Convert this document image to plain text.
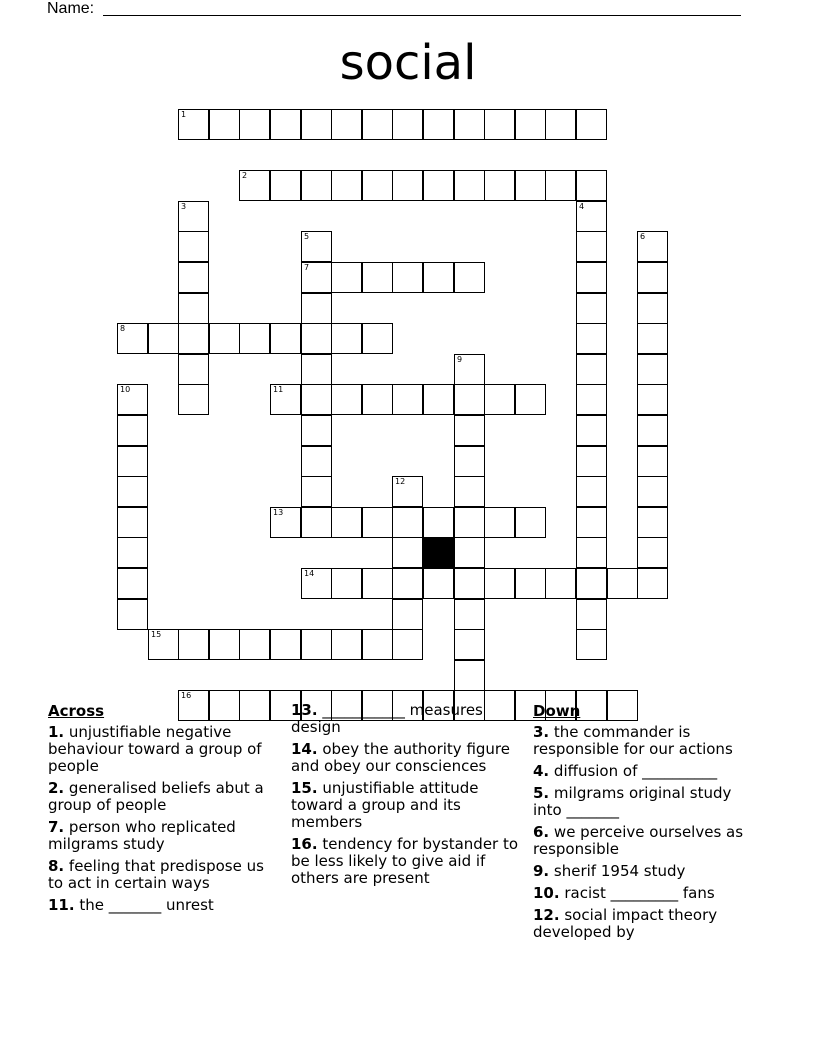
Name:
social
1
2
3	4
5
7
6
8
9
10	11
12
13
14
15
16
Across
1. unjustifiable negative behaviour toward a group of people
2. generalised beliefs abut a group of people
7. person who replicated milgrams study
8. feeling that predispose us to act in certain ways
11. the _______ unrest
13. ___________ measures design
14. obey the authority figure and obey our consciences
15. unjustifiable attitude toward a group and its members
16. tendency for bystander to be less likely to give aid if others are present
Down
3. the commander is responsible for our actions
4. diffusion of __________
5. milgrams original study into _______
6. we perceive ourselves as responsible
9. sherif 1954 study
10. racist _________ fans
12. social impact theory developed by
